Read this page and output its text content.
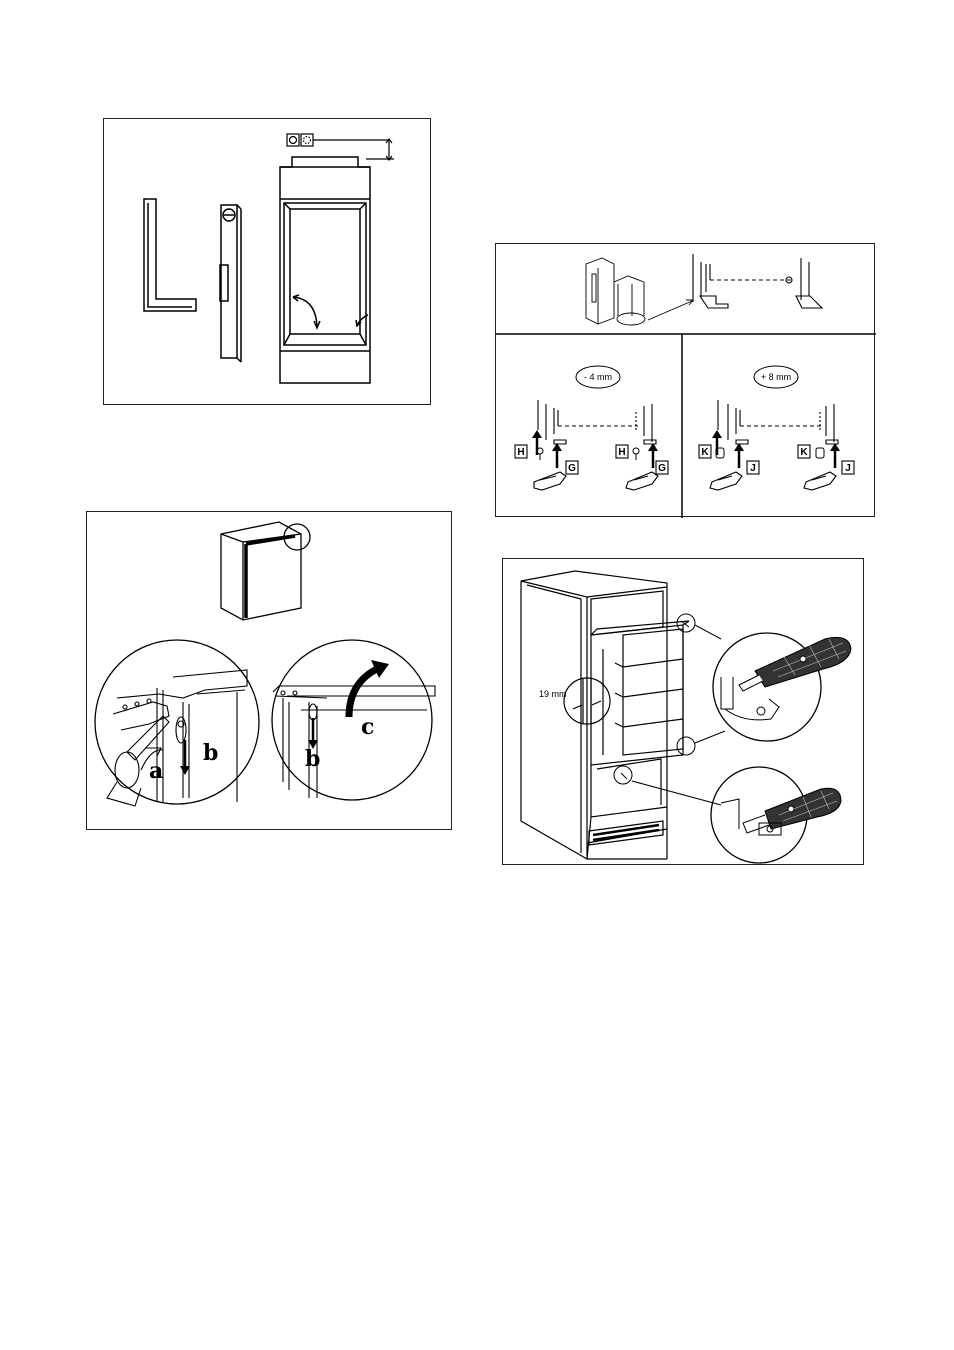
- 4 mm
H
G
H
G
+ 8 mm
K
J
K
J
a
b	b
c
19 mm
